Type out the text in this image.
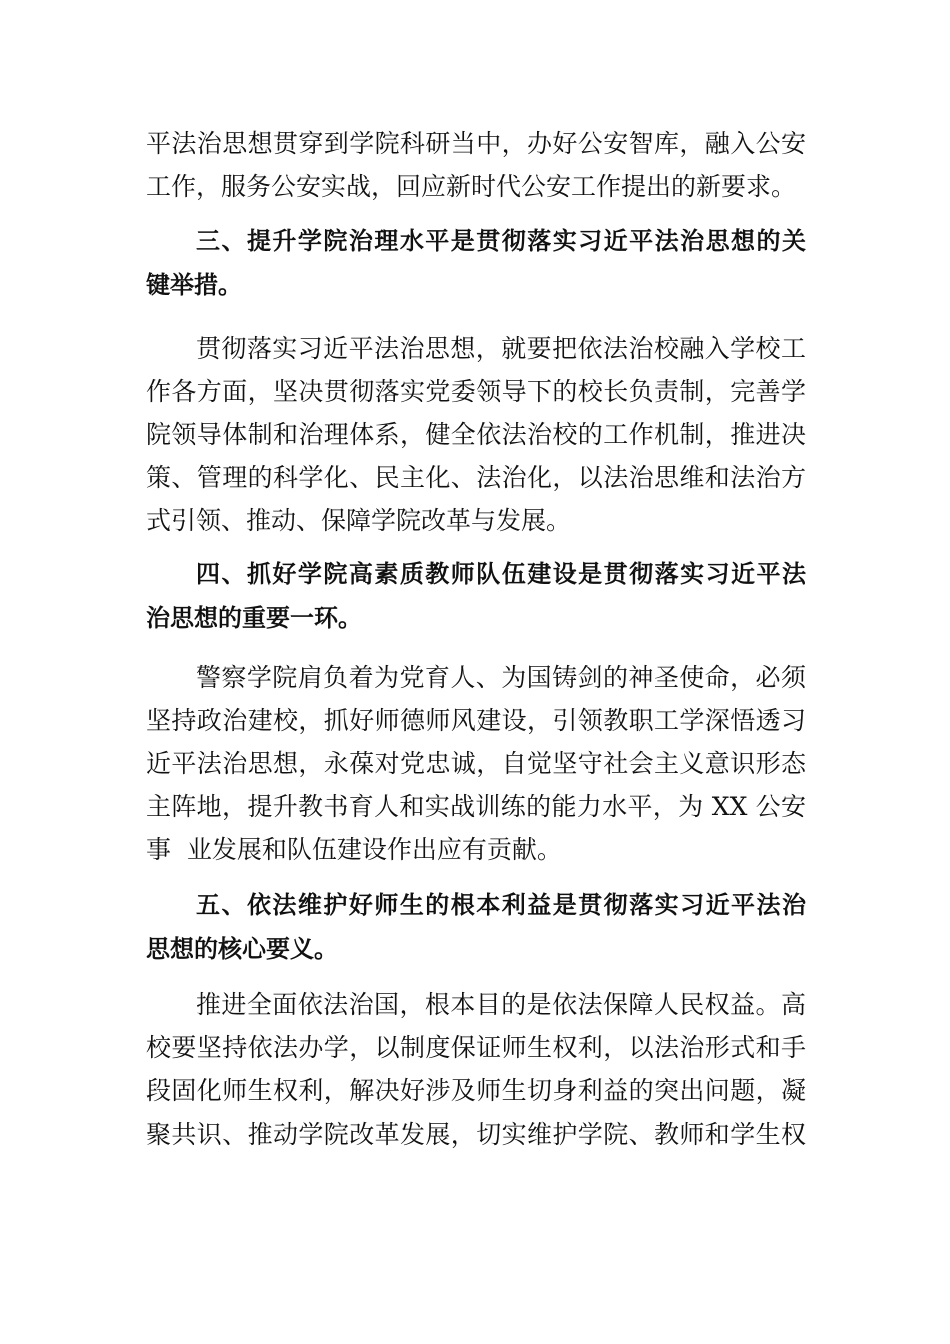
平法治思想贯穿到学院科研当中，办好公安智库，融入公安
工作，服务公安实战，回应新时代公安工作提出的新要求。
三、提升学院治理水平是贯彻落实习近平法治思想的关
键举措。
贯彻落实习近平法治思想，就要把依法治校融入学校工
作各方面，坚决贯彻落实党委领导下的校长负责制，完善学
院领导体制和治理体系，健全依法治校的工作机制，推进决
策、管理的科学化、民主化、法治化，以法治思维和法治方
式引领、推动、保障学院改革与发展。
四、抓好学院高素质教师队伍建设是贯彻落实习近平法
治思想的重要一环。
警察学院肩负着为党育人、为国铸剑的神圣使命，必须
坚持政治建校，抓好师德师风建设，引领教职工学深悟透习
近平法治思想，永葆对党忠诚，自觉坚守社会主义意识形态
主阵地，提升教书育人和实战训练的能力水平，为 XX 公安
事  业发展和队伍建设作出应有贡献。
五、依法维护好师生的根本利益是贯彻落实习近平法治
思想的核心要义。
推进全面依法治国，根本目的是依法保障人民权益。高
校要坚持依法办学，以制度保证师生权利，以法治形式和手
段固化师生权利，解决好涉及师生切身利益的突出问题，凝
聚共识、推动学院改革发展，切实维护学院、教师和学生权
